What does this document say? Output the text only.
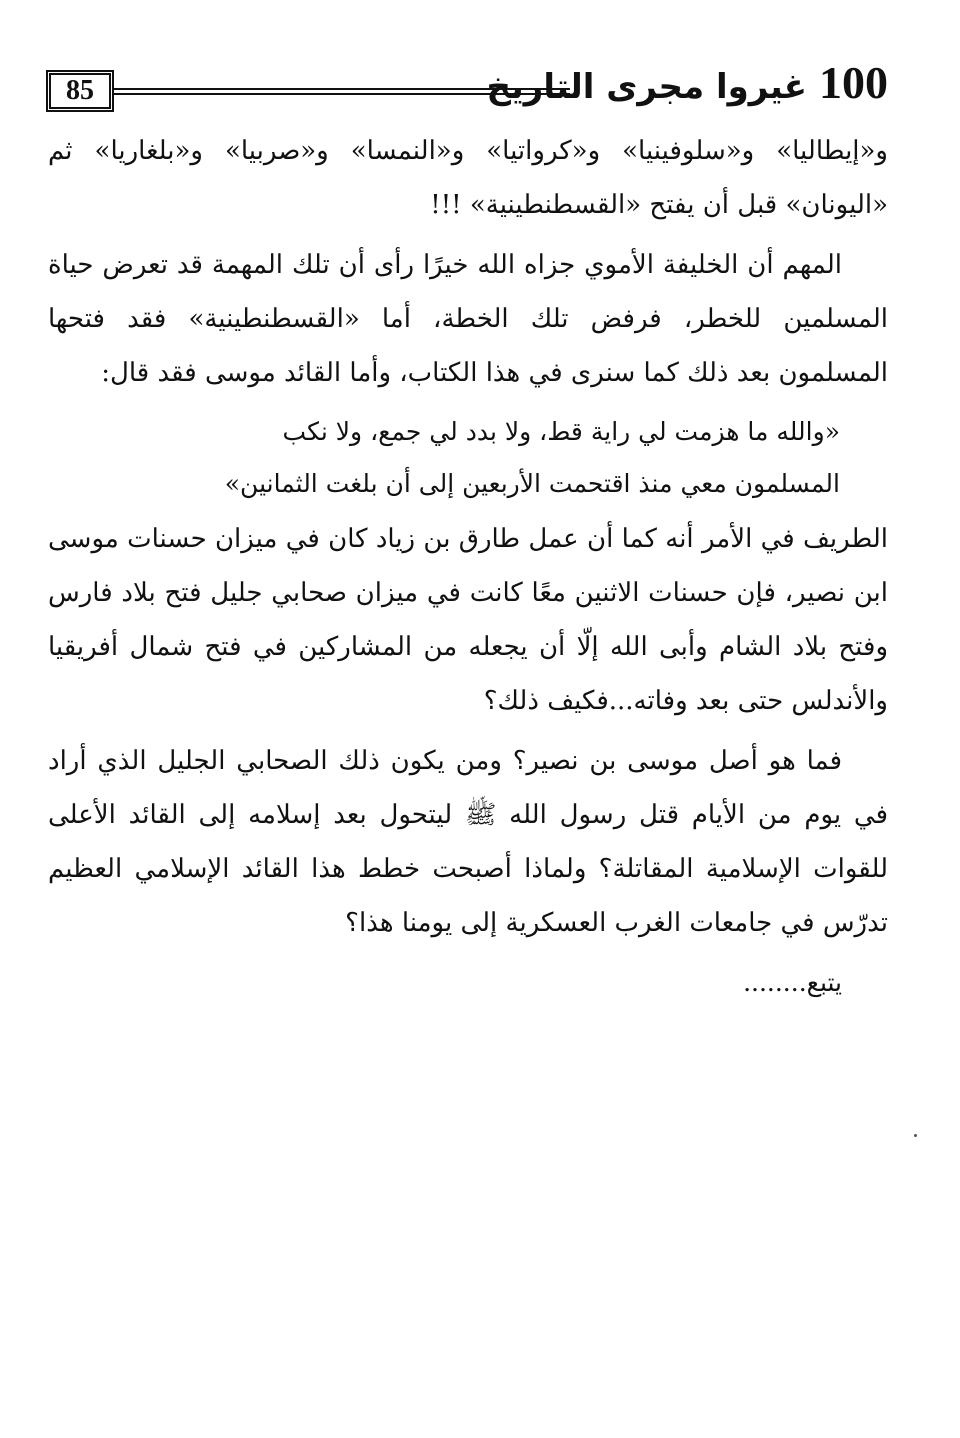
85	100
غيروا مجرى التاريخ

و«إيطاليا» و«سلوفينيا» و«كرواتيا» و«النمسا» و«صربيا» و«بلغاريا» ثم «اليونان» قبل أن يفتح «القسطنطينية» !!!

المهم أن الخليفة الأموي جزاه الله خيرًا رأى أن تلك المهمة قد تعرض حياة المسلمين للخطر، فرفض تلك الخطة، أما «القسطنطينية» فقد فتحها المسلمون بعد ذلك كما سنرى في هذا الكتاب، وأما القائد موسى فقد قال:

«والله ما هزمت لي راية قط، ولا بدد لي جمع، ولا نكب
المسلمون معي منذ اقتحمت الأربعين إلى أن بلغت الثمانين»

الطريف في الأمر أنه كما أن عمل طارق بن زياد كان في ميزان حسنات موسى ابن نصير، فإن حسنات الاثنين معًا كانت في ميزان صحابي جليل فتح بلاد فارس وفتح بلاد الشام وأبى الله إلّا أن يجعله من المشاركين في فتح شمال أفريقيا والأندلس حتى بعد وفاته...فكيف ذلك؟

فما هو أصل موسى بن نصير؟ ومن يكون ذلك الصحابي الجليل الذي أراد في يوم من الأيام قتل رسول الله ﷺ ليتحول بعد إسلامه إلى القائد الأعلى للقوات الإسلامية المقاتلة؟ ولماذا أصبحت خطط هذا القائد الإسلامي العظيم تدرّس في جامعات الغرب العسكرية إلى يومنا هذا؟

يتبع........
